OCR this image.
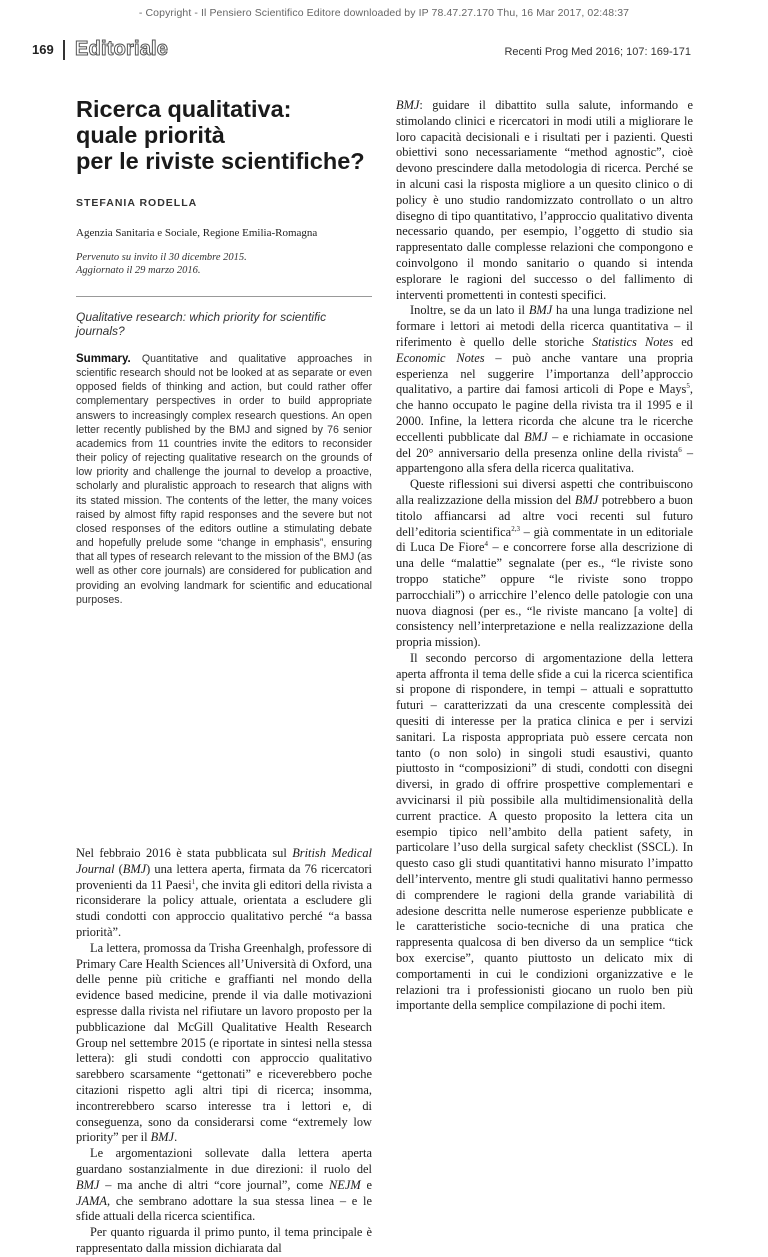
- Copyright - Il Pensiero Scientifico Editore downloaded by IP 78.47.27.170 Thu, 16 Mar 2017, 02:48:37
169 Editoriale	Recenti Prog Med 2016; 107: 169-171
Ricerca qualitativa:
quale priorità
per le riviste scientifiche?
STEFANIA RODELLA
Agenzia Sanitaria e Sociale, Regione Emilia-Romagna
Pervenuto su invito il 30 dicembre 2015.
Aggiornato il 29 marzo 2016.
Qualitative research: which priority for scientific journals?
Summary. Quantitative and qualitative approaches in scientific research should not be looked at as separate or even opposed fields of thinking and action, but could rather offer complementary perspectives in order to build appropriate answers to increasingly complex research questions. An open letter recently published by the BMJ and signed by 76 senior academics from 11 countries invite the editors to reconsider their policy of rejecting qualitative research on the grounds of low priority and challenge the journal to develop a proactive, scholarly and pluralistic approach to research that aligns with its stated mission. The contents of the letter, the many voices raised by almost fifty rapid responses and the severe but not closed responses of the editors outline a stimulating debate and hopefully prelude some “change in emphasis”, ensuring that all types of research relevant to the mission of the BMJ (as well as other core journals) are considered for publication and providing an evolving landmark for scientific and educational purposes.

Nel febbraio 2016 è stata pubblicata sul British Medical Journal (BMJ) una lettera aperta, firmata da 76 ricercatori provenienti da 11 Paesi$^1$, che invita gli editori della rivista a riconsiderare la policy attuale, orientata a escludere gli studi condotti con approccio qualitativo perché “a bassa priorità”.

La lettera, promossa da Trisha Greenhalgh, professore di Primary Care Health Sciences all’Università di Oxford, una delle penne più critiche e graffianti nel mondo della evidence based medicine, prende il via dalle motivazioni espresse dalla rivista nel rifiutare un lavoro proposto per la pubblicazione dal McGill Qualitative Health Research Group nel settembre 2015 (e riportate in sintesi nella stessa lettera): gli studi condotti con approccio qualitativo sarebbero scarsamente “gettonati” e riceverebbero poche citazioni rispetto agli altri tipi di ricerca; insomma, incontrerebbero scarso interesse tra i lettori e, di conseguenza, sono da considerarsi come “extremely low priority” per il BMJ.

Le argomentazioni sollevate dalla lettera aperta guardano sostanzialmente in due direzioni: il ruolo del BMJ – ma anche di altri “core journal”, come NEJM e JAMA, che sembrano adottare la sua stessa linea – e le sfide attuali della ricerca scientifica.

Per quanto riguarda il primo punto, il tema principale è rappresentato dalla mission dichiarata dal

BMJ: guidare il dibattito sulla salute, informando e stimolando clinici e ricercatori in modi utili a migliorare le loro capacità decisionali e i risultati per i pazienti. Questi obiettivi sono necessariamente “method agnostic”, cioè devono prescindere dalla metodologia di ricerca. Perché se in alcuni casi la risposta migliore a un quesito clinico o di policy è uno studio randomizzato controllato o un altro disegno di tipo quantitativo, l’approccio qualitativo diventa necessario quando, per esempio, l’oggetto di studio sia rappresentato dalle complesse relazioni che compongono e coinvolgono il mondo sanitario o quando si intenda esplorare le ragioni del successo o del fallimento di interventi promettenti in contesti specifici.

Inoltre, se da un lato il BMJ ha una lunga tradizione nel formare i lettori ai metodi della ricerca quantitativa – il riferimento è quello delle storiche Statistics Notes ed Economic Notes – può anche vantare una propria esperienza nel suggerire l’importanza dell’approccio qualitativo, a partire dai famosi articoli di Pope e Mays$^5$, che hanno occupato le pagine della rivista tra il 1995 e il 2000. Infine, la lettera ricorda che alcune tra le ricerche eccellenti pubblicate dal BMJ – e richiamate in occasione del 20° anniversario della presenza online della rivista$^6$ – appartengono alla sfera della ricerca qualitativa.

Queste riflessioni sui diversi aspetti che contribuiscono alla realizzazione della mission del BMJ potrebbero a buon titolo affiancarsi ad altre voci recenti sul futuro dell’editoria scientifica$^{2,3}$ – già commentate in un editoriale di Luca De Fiore$^4$ – e concorrere forse alla descrizione di una delle “malattie” segnalate (per es., “le riviste sono troppo statiche” oppure “le riviste sono troppo parrocchiali”) o arricchire l’elenco delle patologie con una nuova diagnosi (per es., “le riviste mancano [a volte] di consistency nell’interpretazione e nella realizzazione della propria mission).

Il secondo percorso di argomentazione della lettera aperta affronta il tema delle sfide a cui la ricerca scientifica si propone di rispondere, in tempi – attuali e soprattutto futuri – caratterizzati da una crescente complessità dei quesiti di interesse per la pratica clinica e per i servizi sanitari. La risposta appropriata può essere cercata non tanto (o non solo) in singoli studi esaustivi, quanto piuttosto in “composizioni” di studi, condotti con disegni diversi, in grado di offrire prospettive complementari e avvicinarsi il più possibile alla multidimensionalità della current practice. A questo proposito la lettera cita un esempio tipico nell’ambito della patient safety, in particolare l’uso della surgical safety checklist (SSCL). In questo caso gli studi quantitativi hanno misurato l’impatto dell’intervento, mentre gli studi qualitativi hanno permesso di comprendere le ragioni della grande variabilità di adesione descritta nelle numerose esperienze pubblicate e le caratteristiche socio-tecniche di una pratica che rappresenta qualcosa di ben diverso da un semplice “tick box exercise”, quanto piuttosto un delicato mix di comportamenti in cui le condizioni organizzative e le relazioni tra i professionisti giocano un ruolo ben più importante della semplice compilazione di pochi item.
